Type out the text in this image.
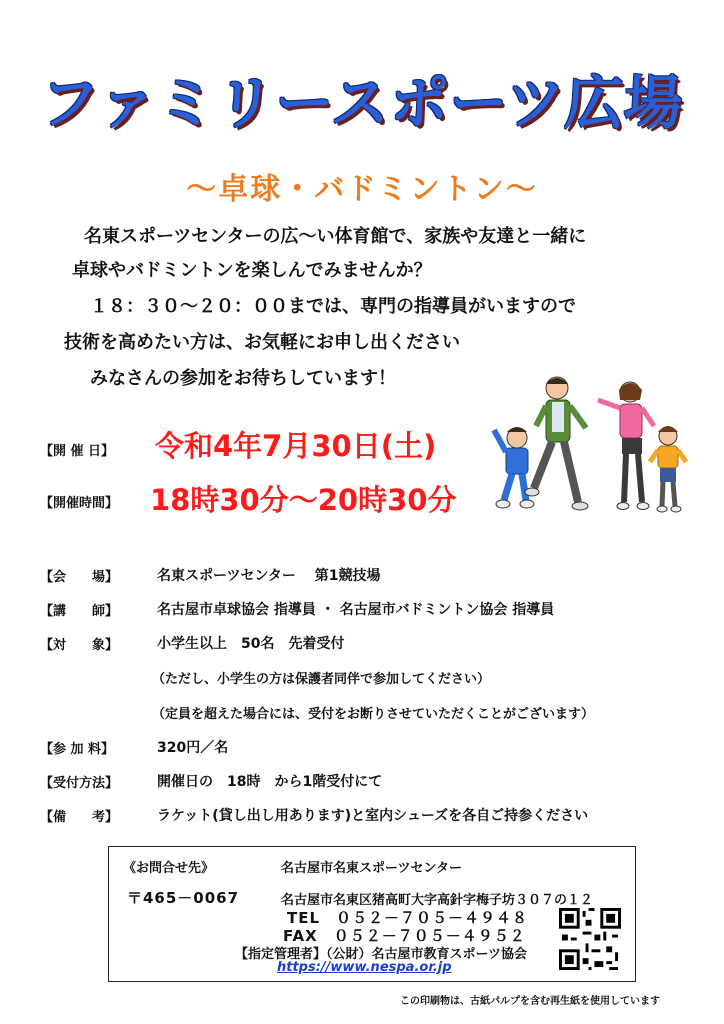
ファミリースポーツ広場
～卓球・バドミントン～
名東スポーツセンターの広～い体育館で、家族や友達と一緒に
卓球やバドミントンを楽しんでみませんか？
１８：３０～２０：００までは、専門の指導員がいますので
技術を高めたい方は、お気軽にお申し出ください
みなさんの参加をお待ちしています！
【開 催 日】 令和4年7月30日(土)
【開催時間】 18時30分～20時30分
【会　　場】	名東スポーツセンター　 第1競技場
【講　　師】	名古屋市卓球協会 指導員 ・ 名古屋市バドミントン協会 指導員
【対　　象】	小学生以上　50名　先着受付
（ただし、小学生の方は保護者同伴で参加してください）
（定員を超えた場合には、受付をお断りさせていただくことがございます）
【参 加 料】	320円／名
【受付方法】	開催日の　18時　から1階受付にて
【備　　考】	ラケット(貸し出し用あります)と室内シューズを各自ご持参ください
《お問合せ先》	名古屋市名東スポーツセンター
〒465－0067	名古屋市名東区猪高町大字高針字梅子坊３０７の１２
TEL　０５２－７０５－４９４８
FAX　０５２－７０５－４９５２
【指定管理者】（公財）名古屋市教育スポーツ協会
https://www.nespa.or.jp
この印刷物は、古紙パルプを含む再生紙を使用しています
